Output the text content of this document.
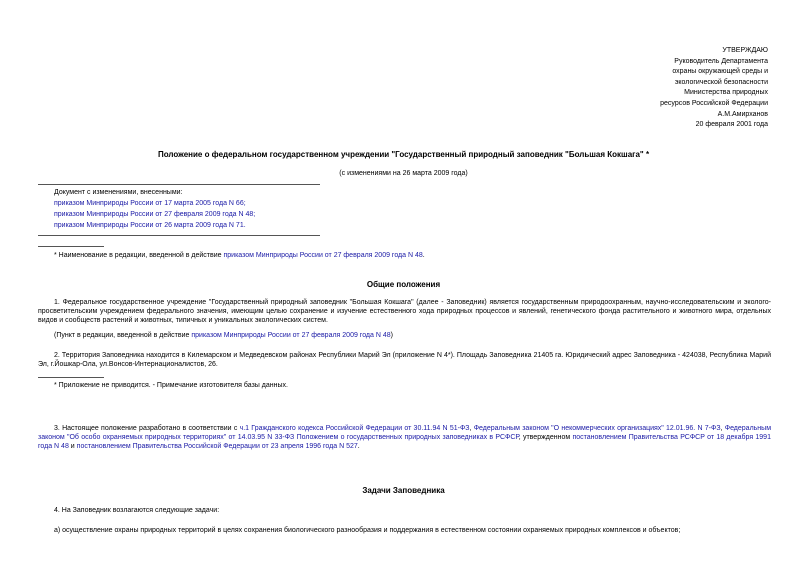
УТВЕРЖДАЮ
Руководитель Департамента
охраны окружающей среды и
экологической безопасности
Министерства природных
ресурсов Российской Федерации
А.М.Амирханов
20 февраля 2001 года
Положение о федеральном государственном учреждении "Государственный природный заповедник "Большая Кокшага" *
(с изменениями на 26 марта 2009 года)
Документ с изменениями, внесенными:
приказом Минприроды России от 17 марта 2005 года N 66;
приказом Минприроды России от 27 февраля 2009 года N 48;
приказом Минприроды России от 26 марта 2009 года N 71.
* Наименование в редакции, введенной в действие приказом Минприроды России от 27 февраля 2009 года N 48.
Общие положения
1. Федеральное государственное учреждение "Государственный природный заповедник "Большая Кокшага" (далее - Заповедник) является государственным природоохранным, научно-исследовательским и эколого-просветительским учреждением федерального значения, имеющим целью сохранение и изучение естественного хода природных процессов и явлений, генетического фонда растительного и животного мира, отдельных видов и сообществ растений и животных, типичных и уникальных экологических систем.
(Пункт в редакции, введенной в действие приказом Минприроды России от 27 февраля 2009 года N 48)
2. Территория Заповедника находится в Килемарском и Медведевском районах Республики Марий Эл (приложение N 4*). Площадь Заповедника 21405 га. Юридический адрес Заповедника - 424038, Республика Марий Эл, г.Йошкар-Ола, ул.Вонсов-Интернационалистов, 26.
* Приложение не приводится. - Примечание изготовителя базы данных.
3. Настоящее положение разработано в соответствии с ч.1 Гражданского кодекса Российской Федерации от 30.11.94 N 51-ФЗ, Федеральным законом "О некоммерческих организациях" 12.01.96. N 7-ФЗ, Федеральным законом "Об особо охраняемых природных территориях" от 14.03.95 N 33-ФЗ Положением о государственных природных заповедниках в РСФСР, утвержденном постановлением Правительства РСФСР от 18 декабря 1991 года N 48 и постановлением Правительства Российской Федерации от 23 апреля 1996 года N 527.
Задачи Заповедника
4. На Заповедник возлагаются следующие задачи:
а) осуществление охраны природных территорий в целях сохранения биологического разнообразия и поддержания в естественном состоянии охраняемых природных комплексов и объектов;
